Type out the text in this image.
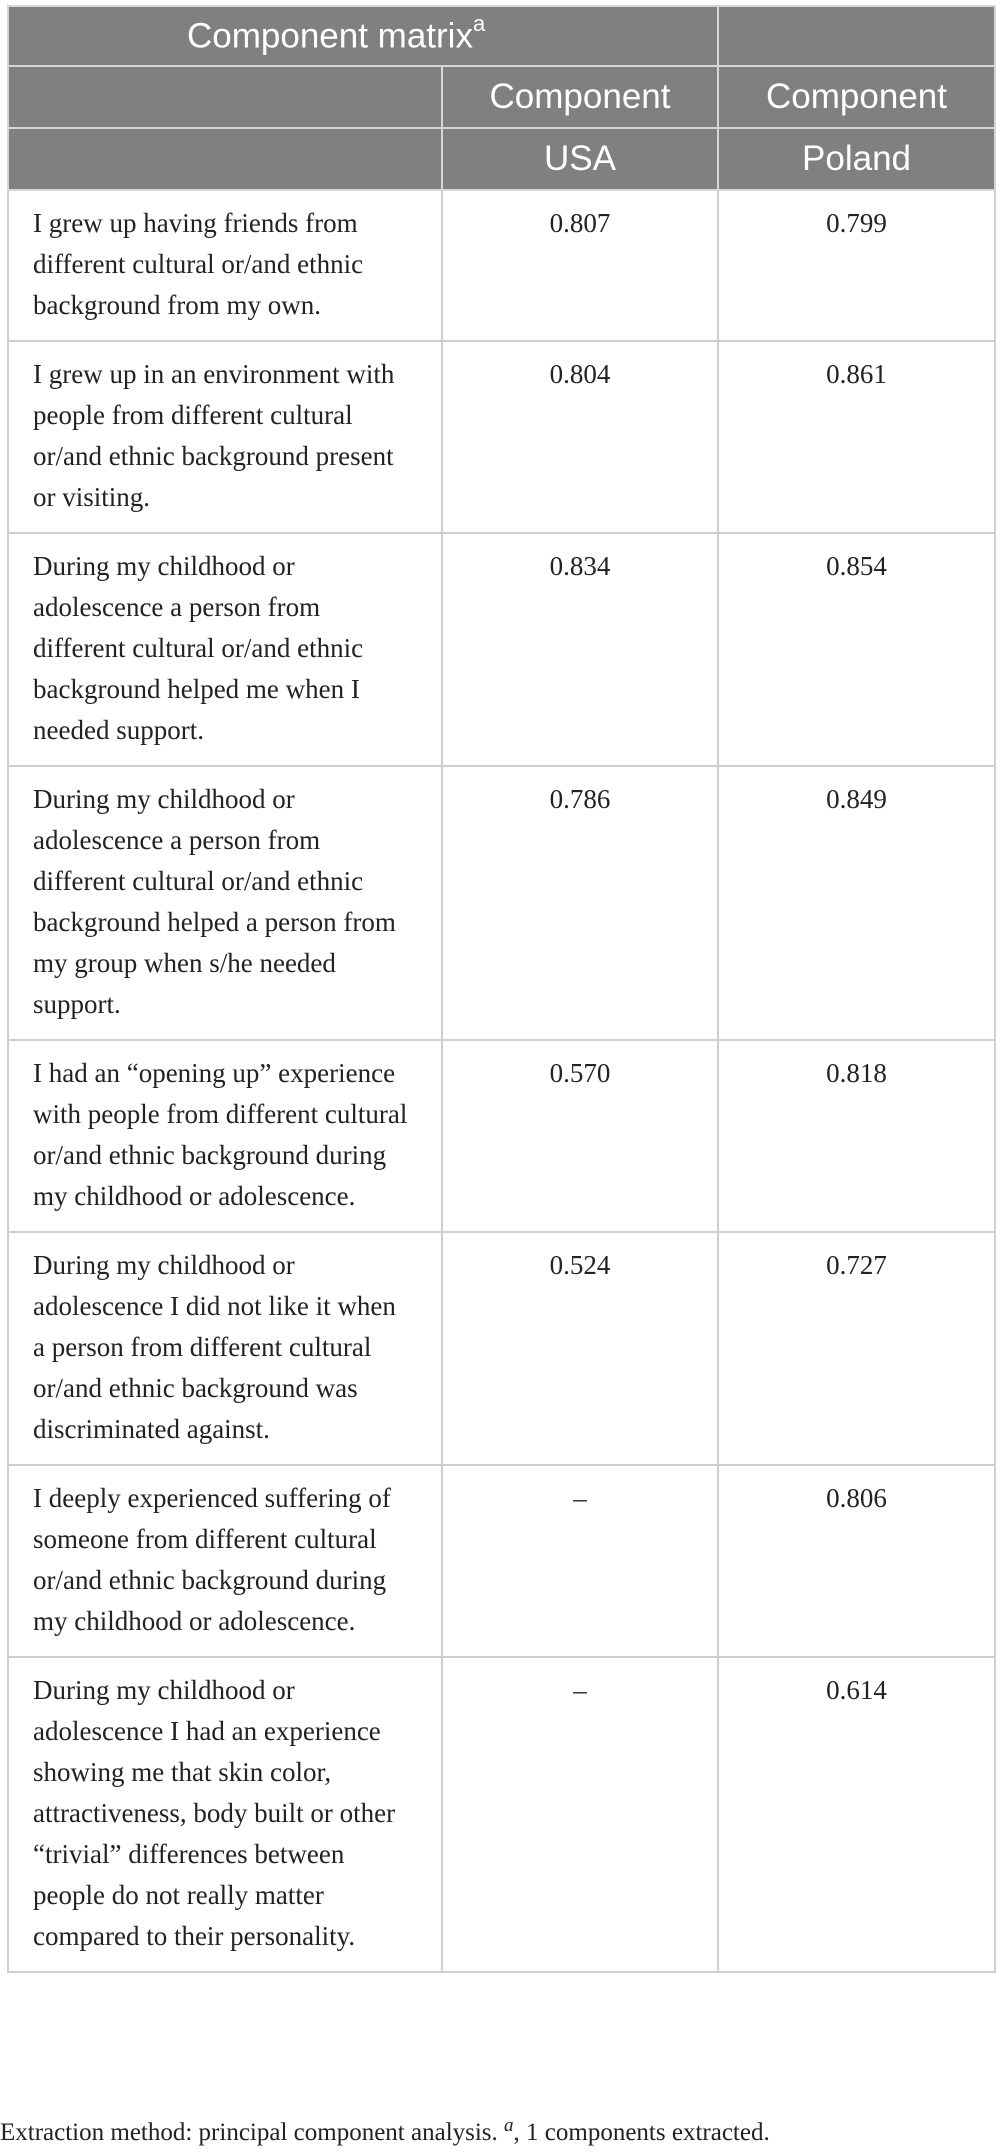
Component matrix$^a$	
	Component	Component
	USA	Poland
I grew up having friends from different cultural or/and ethnic background from my own.	0.807	0.799
I grew up in an environment with people from different cultural or/and ethnic background present or visiting.	0.804	0.861
During my childhood or adolescence a person from different cultural or/and ethnic background helped me when I needed support.	0.834	0.854
During my childhood or adolescence a person from different cultural or/and ethnic background helped a person from my group when s/he needed support.	0.786	0.849
I had an “opening up” experience with people from different cultural or/and ethnic background during my childhood or adolescence.	0.570	0.818
During my childhood or adolescence I did not like it when a person from different cultural or/and ethnic background was discriminated against.	0.524	0.727
I deeply experienced suffering of someone from different cultural or/and ethnic background during my childhood or adolescence.	–	0.806
During my childhood or adolescence I had an experience showing me that skin color, attractiveness, body built or other “trivial” differences between people do not really matter compared to their personality.	–	0.614
Extraction method: principal component analysis. $^a$, 1 components extracted.
